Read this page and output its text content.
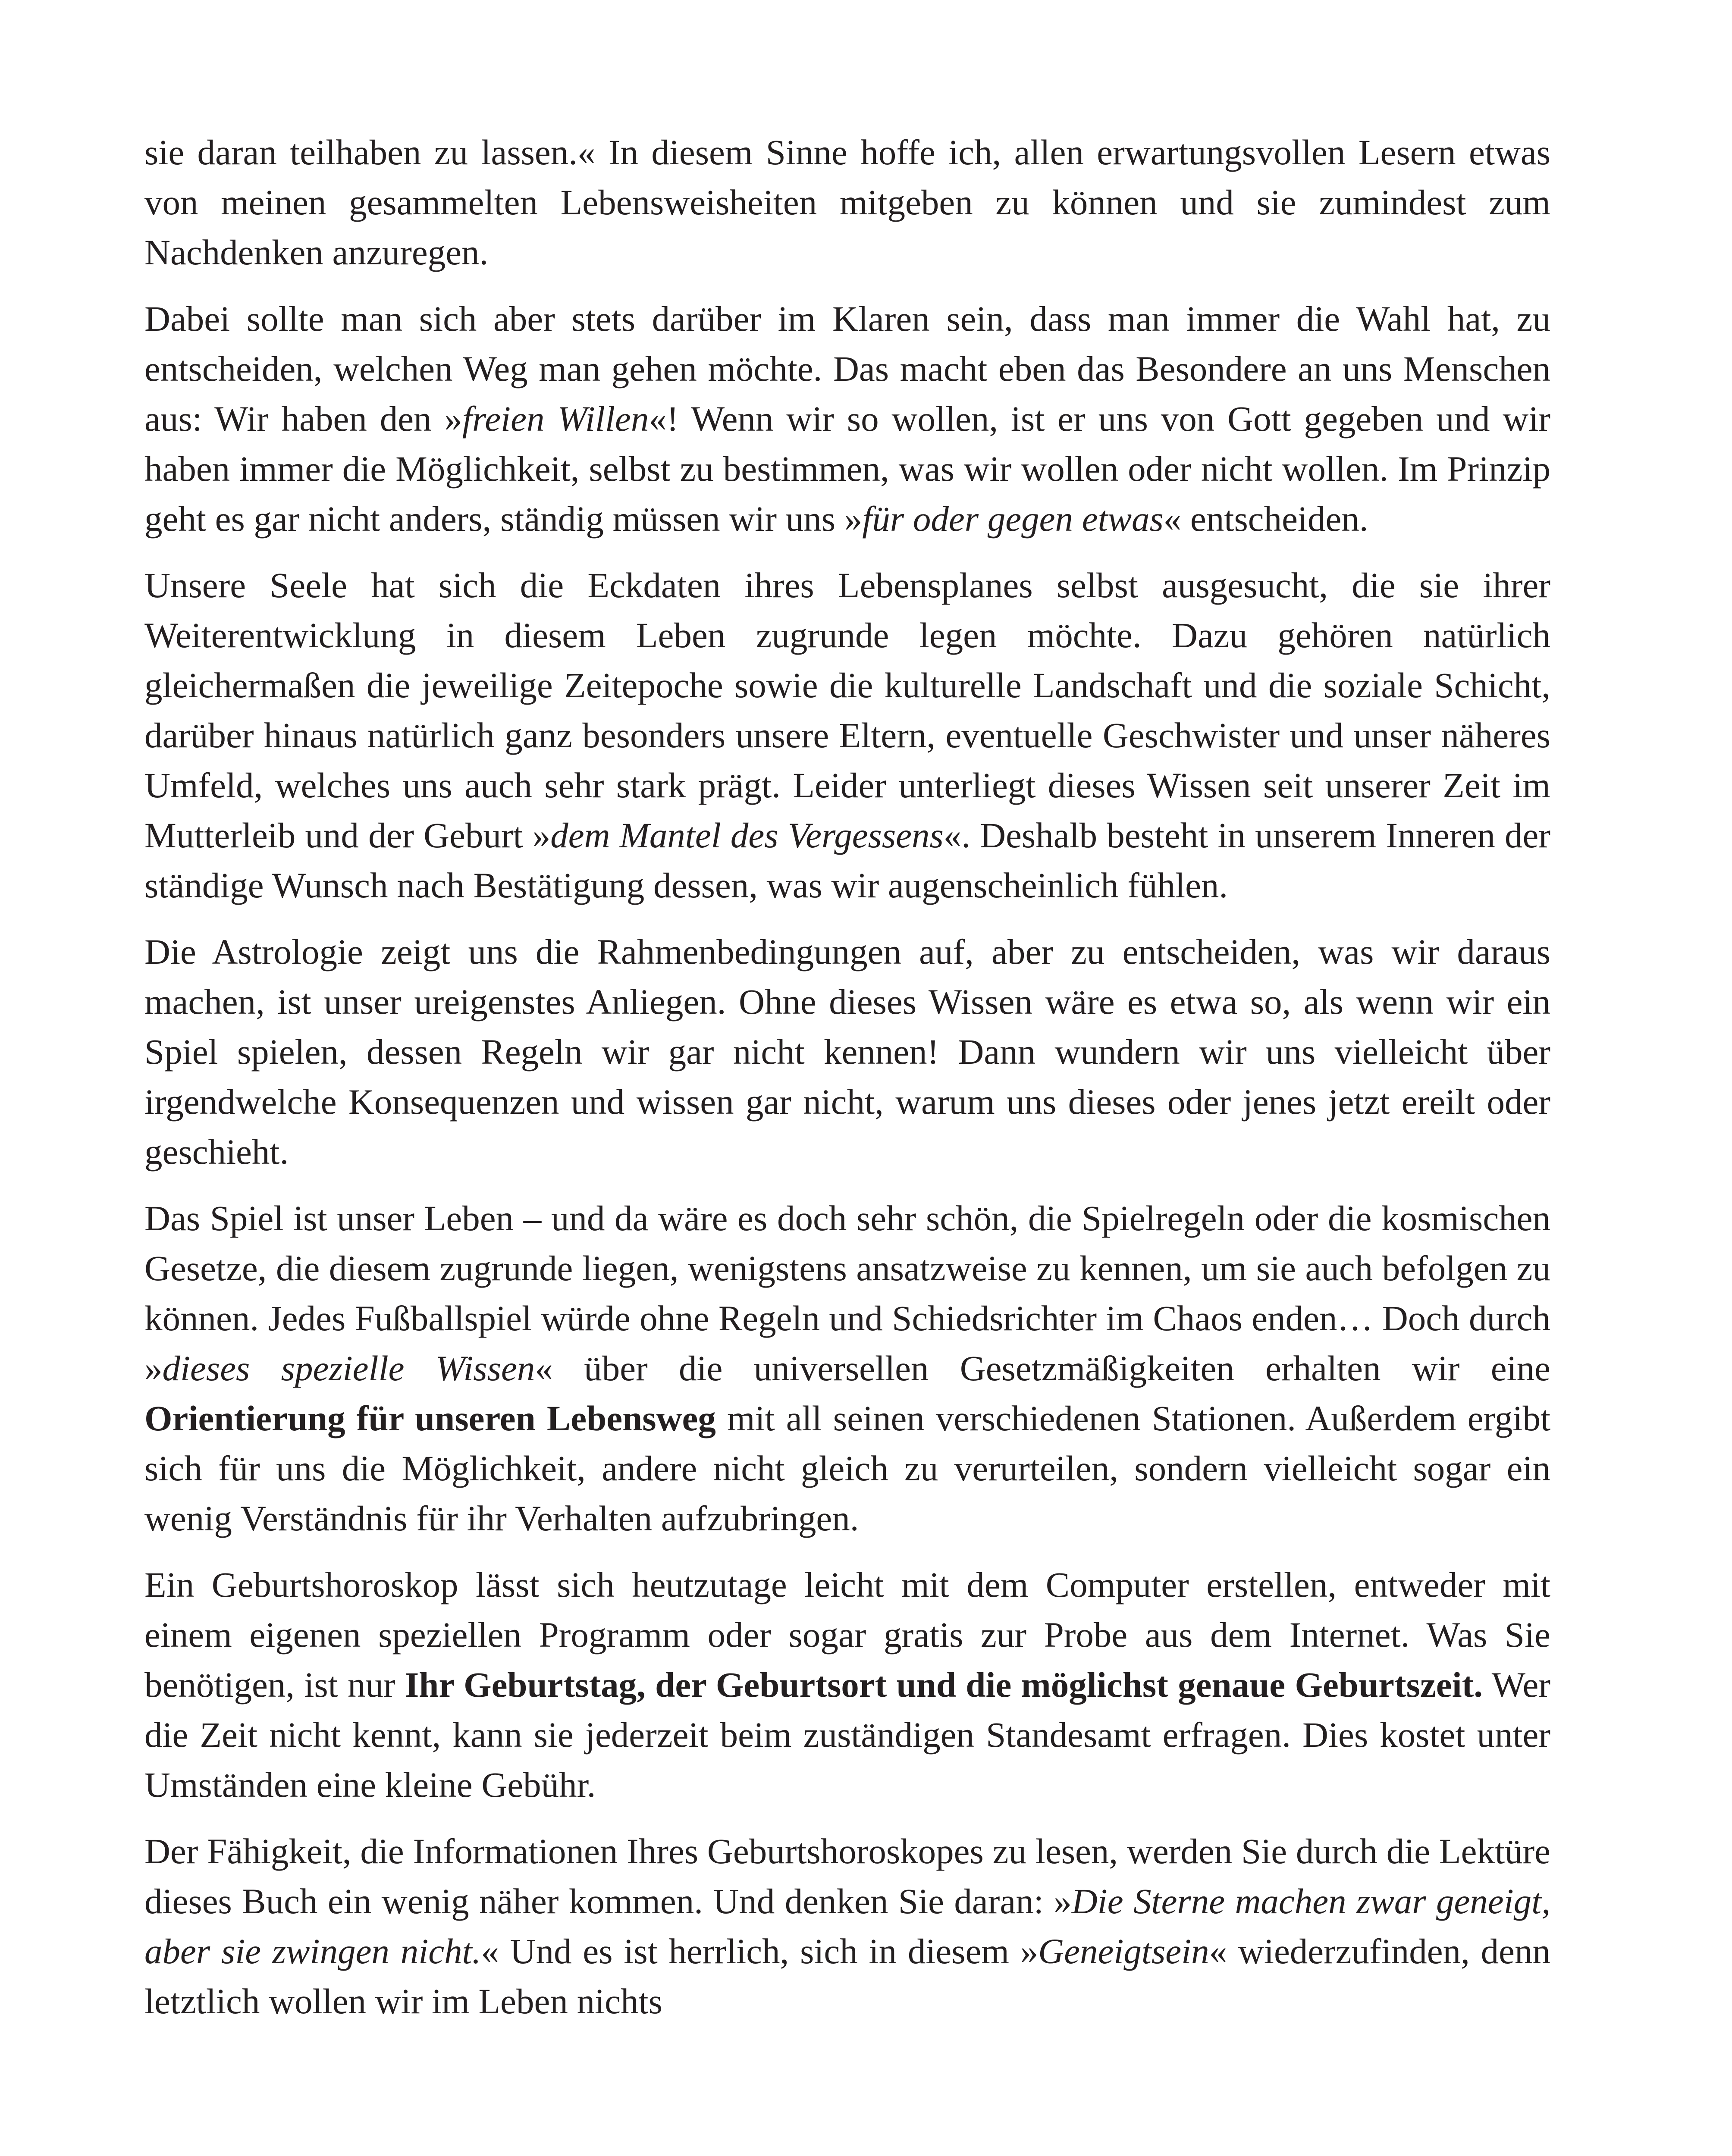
sie daran teilhaben zu lassen.« In diesem Sinne hoffe ich, allen erwartungsvollen Lesern etwas von meinen gesammelten Lebensweisheiten mitgeben zu können und sie zumindest zum Nachdenken anzuregen.

Dabei sollte man sich aber stets darüber im Klaren sein, dass man immer die Wahl hat, zu entscheiden, welchen Weg man gehen möchte. Das macht eben das Besondere an uns Menschen aus: Wir haben den »freien Willen«! Wenn wir so wollen, ist er uns von Gott gegeben und wir haben immer die Möglichkeit, selbst zu bestimmen, was wir wollen oder nicht wollen. Im Prinzip geht es gar nicht anders, ständig müssen wir uns »für oder gegen etwas« entscheiden.

Unsere Seele hat sich die Eckdaten ihres Lebensplanes selbst ausgesucht, die sie ihrer Weiterentwicklung in diesem Leben zugrunde legen möchte. Dazu gehören natürlich gleichermaßen die jeweilige Zeitepoche sowie die kulturelle Landschaft und die soziale Schicht, darüber hinaus natürlich ganz besonders unsere Eltern, eventuelle Geschwister und unser näheres Umfeld, welches uns auch sehr stark prägt. Leider unterliegt dieses Wissen seit unserer Zeit im Mutterleib und der Geburt »dem Mantel des Vergessens«. Deshalb besteht in unserem Inneren der ständige Wunsch nach Bestätigung dessen, was wir augenscheinlich fühlen.

Die Astrologie zeigt uns die Rahmenbedingungen auf, aber zu entscheiden, was wir daraus machen, ist unser ureigenstes Anliegen. Ohne dieses Wissen wäre es etwa so, als wenn wir ein Spiel spielen, dessen Regeln wir gar nicht kennen! Dann wundern wir uns vielleicht über irgendwelche Konsequenzen und wissen gar nicht, warum uns dieses oder jenes jetzt ereilt oder geschieht.

Das Spiel ist unser Leben – und da wäre es doch sehr schön, die Spielregeln oder die kosmischen Gesetze, die diesem zugrunde liegen, wenigstens ansatzweise zu kennen, um sie auch befolgen zu können. Jedes Fußballspiel würde ohne Regeln und Schiedsrichter im Chaos enden… Doch durch »dieses spezielle Wissen« über die universellen Gesetzmäßigkeiten erhalten wir eine Orientierung für unseren Lebensweg mit all seinen verschiedenen Stationen. Außerdem ergibt sich für uns die Möglichkeit, andere nicht gleich zu verurteilen, sondern vielleicht sogar ein wenig Verständnis für ihr Verhalten aufzubringen.

Ein Geburtshoroskop lässt sich heutzutage leicht mit dem Computer erstellen, entweder mit einem eigenen speziellen Programm oder sogar gratis zur Probe aus dem Internet. Was Sie benötigen, ist nur Ihr Geburtstag, der Geburtsort und die möglichst genaue Geburtszeit. Wer die Zeit nicht kennt, kann sie jederzeit beim zuständigen Standesamt erfragen. Dies kostet unter Umständen eine kleine Gebühr.

Der Fähigkeit, die Informationen Ihres Geburtshoroskopes zu lesen, werden Sie durch die Lektüre dieses Buch ein wenig näher kommen. Und denken Sie daran: »Die Sterne machen zwar geneigt, aber sie zwingen nicht.« Und es ist herrlich, sich in diesem »Geneigtsein« wiederzufinden, denn letztlich wollen wir im Leben nichts
